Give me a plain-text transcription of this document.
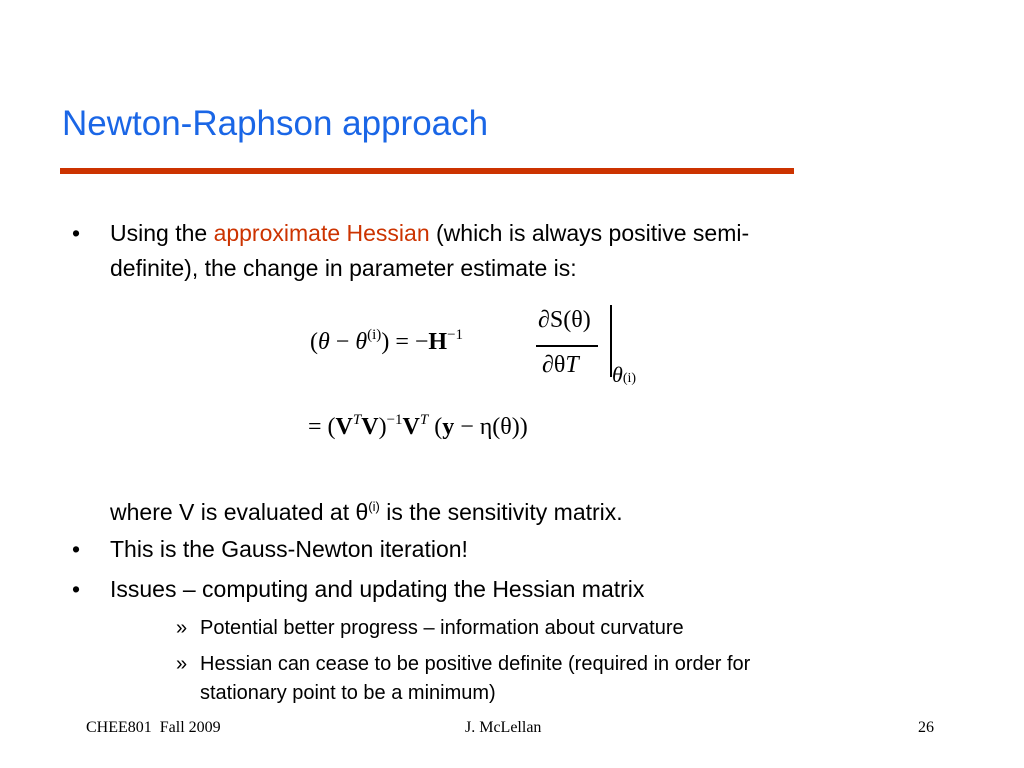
Newton-Raphson approach
• Using the approximate Hessian (which is always positive semi-
definite), the change in parameter estimate is:
$(\theta - \theta^{(i)}) = -H^{-1}$
∂S(θ)
∂θT θ(i)
= $(V^TV)^{-1}V^T$ (y − η(θ))
where V is evaluated at $\theta^{(i)}$ is the sensitivity matrix.
• This is the Gauss-Newton iteration!
• Issues – computing and updating the Hessian matrix
» Potential better progress – information about curvature
» Hessian can cease to be positive definite (required in order for
stationary point to be a minimum)
CHEE801 Fall 2009	J. McLellan	26
